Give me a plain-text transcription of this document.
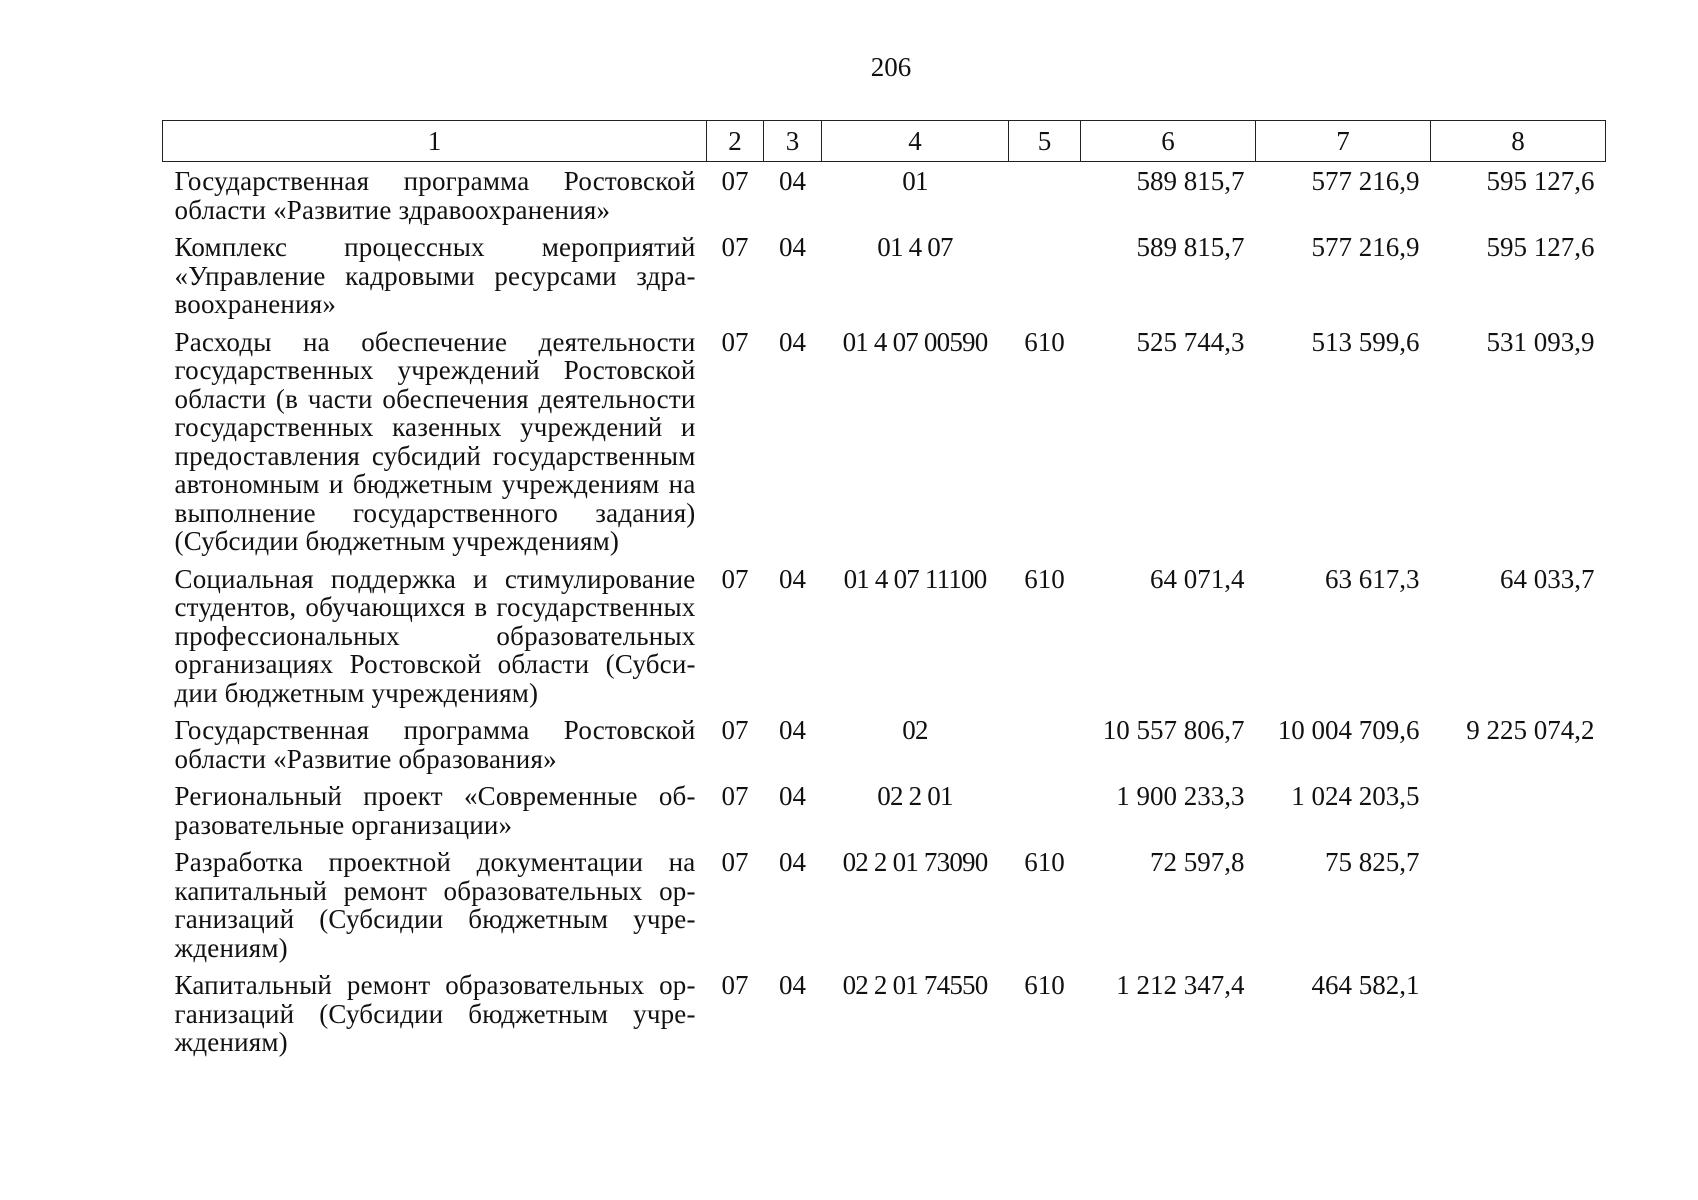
206
1	2	3	4	5	6	7	8
Государственная программа Ростовской области «Развитие здравоохранения»	07	04	01		589 815,7	577 216,9	595 127,6
Комплекс процессных мероприятий «Управление кадровыми ресурсами здравоохранения»	07	04	01 4 07		589 815,7	577 216,9	595 127,6
Расходы на обеспечение деятельности государственных учреждений Ростовской области (в части обеспечения деятельности государственных казенных учреждений и предоставления субсидий государственным автономным и бюджетным учреждениям на выполнение государственного задания) (Субсидии бюджетным учреждениям)	07	04	01 4 07 00590	610	525 744,3	513 599,6	531 093,9
Социальная поддержка и стимулирование студентов, обучающихся в государственных профессиональных образовательных организациях Ростовской области (Субсидии бюджетным учреждениям)	07	04	01 4 07 11100	610	64 071,4	63 617,3	64 033,7
Государственная программа Ростовской области «Развитие образования»	07	04	02		10 557 806,7	10 004 709,6	9 225 074,2
Региональный проект «Современные образовательные организации»	07	04	02 2 01		1 900 233,3	1 024 203,5	
Разработка проектной документации на капитальный ремонт образовательных организаций (Субсидии бюджетным учреждениям)	07	04	02 2 01 73090	610	72 597,8	75 825,7	
Капитальный ремонт образовательных организаций (Субсидии бюджетным учреждениям)	07	04	02 2 01 74550	610	1 212 347,4	464 582,1	
